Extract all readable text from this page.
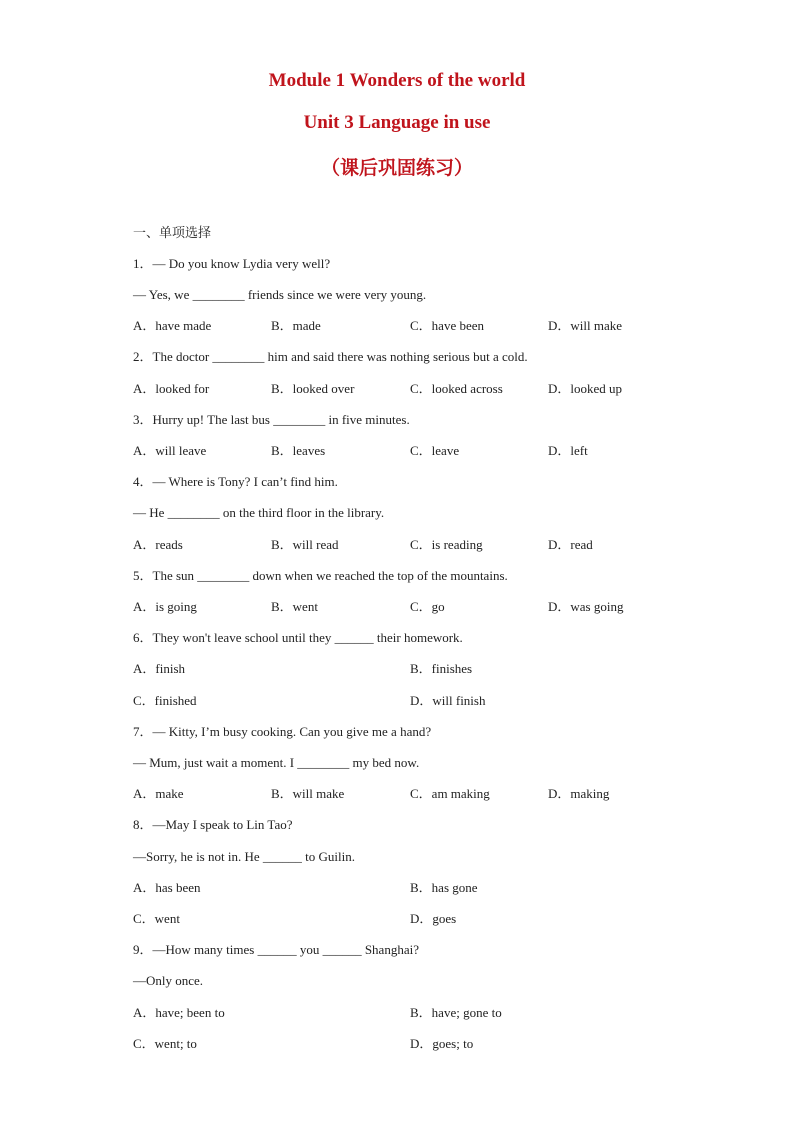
Module 1 Wonders of the world
Unit 3 Language in use
（课后巩固练习）
一、单项选择
1．— Do you know Lydia very well?
— Yes, we ________ friends since we were very young.
A．have made	B．made	C．have been	D．will make
2．The doctor ________ him and said there was nothing serious but a cold.
A．looked for	B．looked over	C．looked across	D．looked up
3．Hurry up! The last bus ________ in five minutes.
A．will leave	B．leaves	C．leave	D．left
4．— Where is Tony? I can’t find him.
— He ________ on the third floor in the library.
A．reads	B．will read	C．is reading	D．read
5．The sun ________ down when we reached the top of the mountains.
A．is going	B．went	C．go	D．was going
6．They won't leave school until they ______ their homework.
A．finish	B．finishes
C．finished	D．will finish
7．— Kitty, I’m busy cooking. Can you give me a hand?
— Mum, just wait a moment. I ________ my bed now.
A．make	B．will make	C．am making	D．making
8．—May I speak to Lin Tao?
—Sorry, he is not in. He ______ to Guilin.
A．has been	B．has gone
C．went	D．goes
9．—How many times ______ you ______ Shanghai?
—Only once.
A．have; been to	B．have; gone to
C．went; to	D．goes; to
